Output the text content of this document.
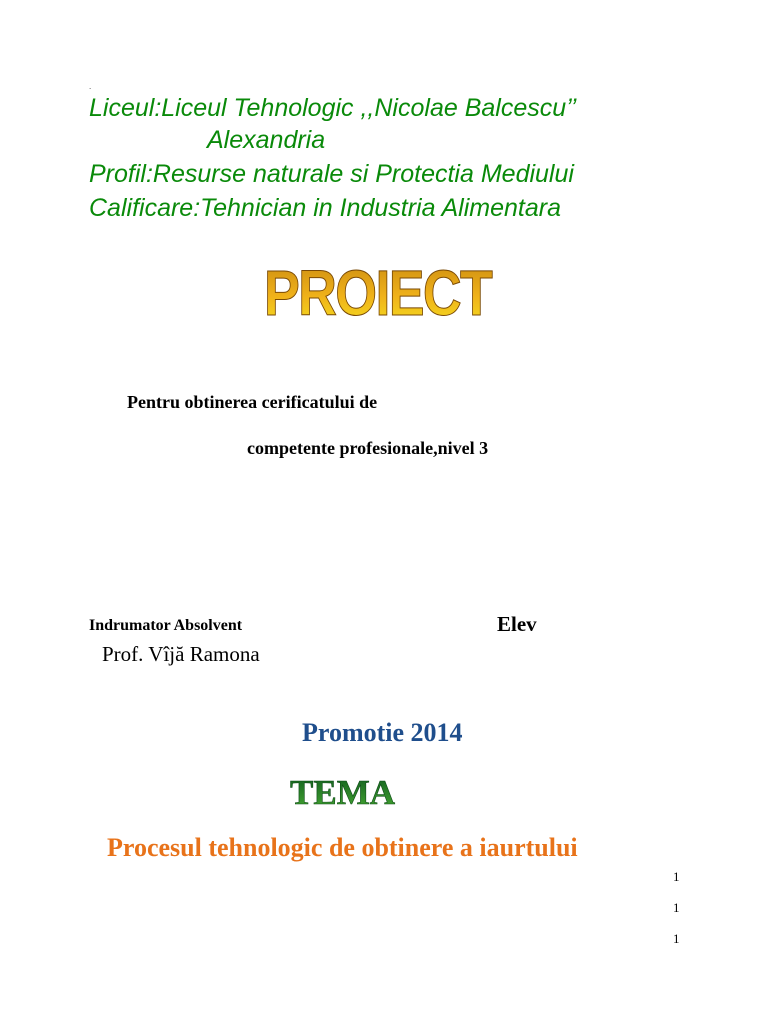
.
Liceul:Liceul Tehnologic ,,Nicolae Balcescu’’
Alexandria
Profil:Resurse naturale si Protectia Mediului
Calificare:Tehnician in Industria Alimentara
PROIECT
Pentru obtinerea cerificatului de
competente profesionale,nivel 3
Indrumator Absolvent	Elev
Prof. Vîjă Ramona
Promotie 2014
TEMA
Procesul tehnologic de obtinere a iaurtului
1
1
1
